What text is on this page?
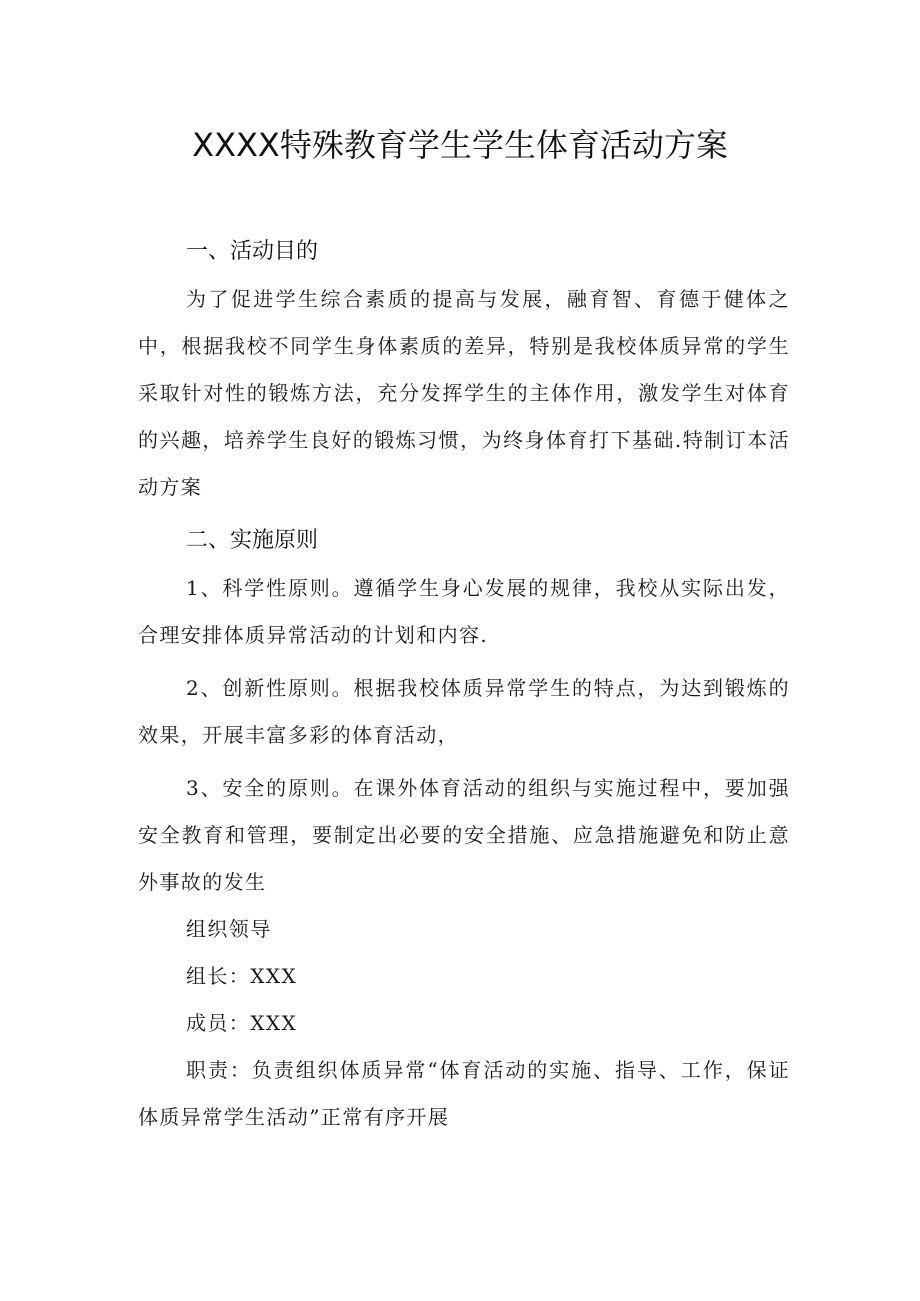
XXXX特殊教育学生学生体育活动方案

一、活动目的

为了促进学生综合素质的提高与发展，融育智、育德于健体之中，根据我校不同学生身体素质的差异，特别是我校体质异常的学生采取针对性的锻炼方法，充分发挥学生的主体作用，激发学生对体育的兴趣，培养学生良好的锻炼习惯，为终身体育打下基础.特制订本活动方案

二、实施原则

1、科学性原则。遵循学生身心发展的规律，我校从实际出发，合理安排体质异常活动的计划和内容.

2、创新性原则。根据我校体质异常学生的特点，为达到锻炼的效果，开展丰富多彩的体育活动，

3、安全的原则。在课外体育活动的组织与实施过程中，要加强安全教育和管理，要制定出必要的安全措施、应急措施避免和防止意外事故的发生

组织领导

组长：XXX

成员：XXX

职责：负责组织体质异常“体育活动的实施、指导、工作，保证体质异常学生活动”正常有序开展
